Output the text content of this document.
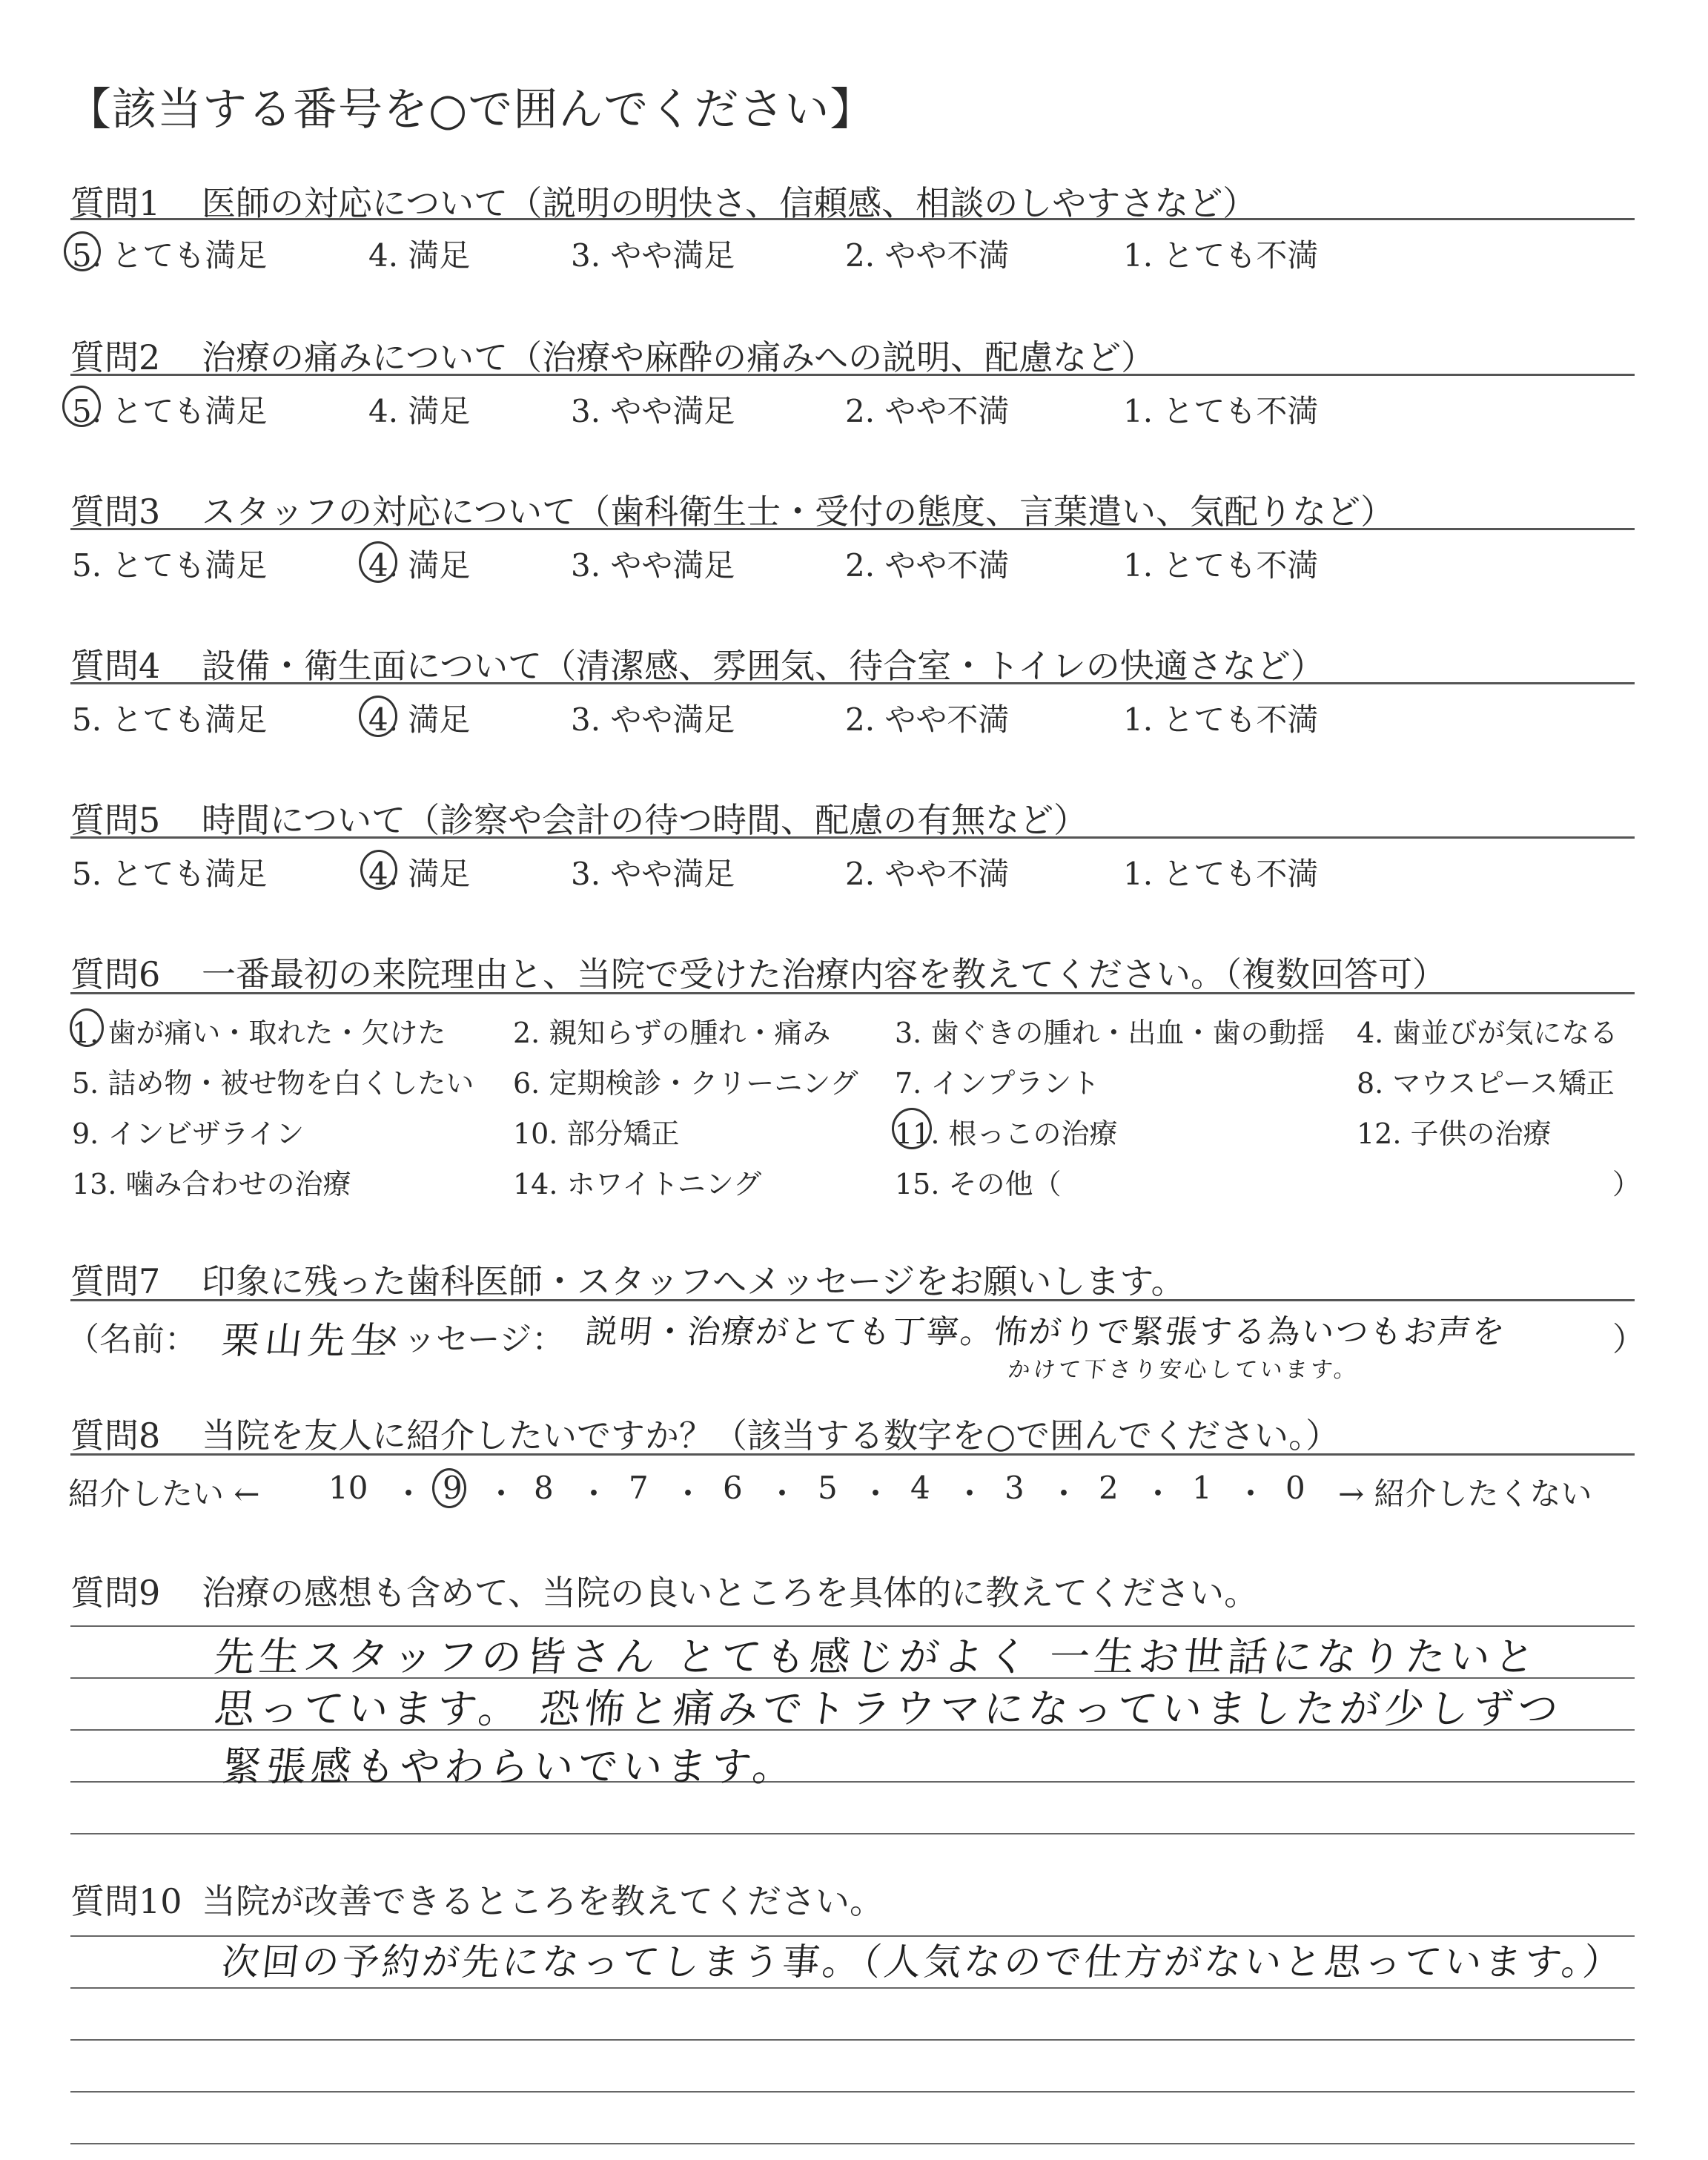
【該当する番号を○で囲んでください】
質問1 医師の対応について（説明の明快さ、信頼感、相談のしやすさなど）
5. とても満足	4. 満足	3. やや満足	2. やや不満	1. とても不満
質問2 治療の痛みについて（治療や麻酔の痛みへの説明、配慮など）
5. とても満足	4. 満足	3. やや満足	2. やや不満	1. とても不満
質問3 スタッフの対応について（歯科衛生士・受付の態度、言葉遣い、気配りなど）
5. とても満足	4. 満足	3. やや満足	2. やや不満	1. とても不満
質問4 設備・衛生面について（清潔感、雰囲気、待合室・トイレの快適さなど）
5. とても満足	4. 満足	3. やや満足	2. やや不満	1. とても不満
質問5 時間について（診察や会計の待つ時間、配慮の有無など）
5. とても満足	4. 満足	3. やや満足	2. やや不満	1. とても不満
質問6 一番最初の来院理由と、当院で受けた治療内容を教えてください。（複数回答可）
1. 歯が痛い・取れた・欠けた 2. 親知らずの腫れ・痛み 3. 歯ぐきの腫れ・出血・歯の動揺 4. 歯並びが気になる
5. 詰め物・被せ物を白くしたい 6. 定期検診・クリーニング 7. インプラント	8. マウスピース矯正
9. インビザライン	10. 部分矯正	11. 根っこの治療	12. 子供の治療
13. 噛み合わせの治療	14. ホワイトニング	15. その他（	）
質問7 印象に残った歯科医師・スタッフへメッセージをお願いします。
（名前： 栗山先生
メッセージ： 説明・治療がとても丁寧。怖がりで緊張する為いつもお声を
かけて下さり安心しています。
）
質問8 当院を友人に紹介したいですか？（該当する数字を○で囲んでください。）
紹介したい ← 10 ・ 9 ・ 8 ・ 7 ・ 6 ・ 5 ・ 4 ・ 3 ・ 2 ・ 1 ・ 0 → 紹介したくない
質問9 治療の感想も含めて、当院の良いところを具体的に教えてください。
先生スタッフの皆さん とても感じがよく 一生お世話になりたいと
思っています。 恐怖と痛みでトラウマになっていましたが少しずつ
緊張感もやわらいでいます。
質問10 当院が改善できるところを教えてください。
次回の予約が先になってしまう事。（人気なので仕方がないと思っています。）
